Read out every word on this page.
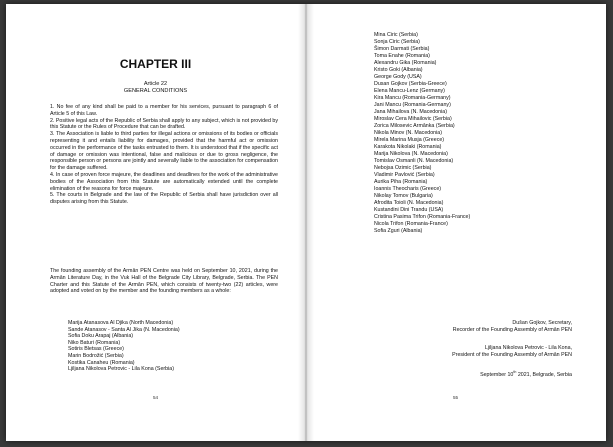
CHAPTER III
Article 22
GENERAL CONDITIONS

1. No fee of any kind shall be paid to a member for his services, pursuant to paragraph 6 of Article 5 of this Law.

2. Positive legal acts of the Republic of Serbia shall apply to any subject, which is not provided by this Statute or the Rules of Procedure that can be drafted.

3. The Association is liable to third parties for illegal actions or omissions of its bodies or officials representing it and entails liability for damages, provided that the harmful act or omission occurred in the performance of the tasks entrusted to them. It is understood that if the specific act of damage or omission was intentional, false and malicious or due to gross negligence, the responsible person or persons are jointly and severally liable to the association for compensation for the damage suffered.

4. In case of proven force majeure, the deadlines and deadlines for the work of the administrative bodies of the Association from this Statute are automatically extended until the complete elimination of the reasons for force majeure.

5. The courts in Belgrade and the law of the Republic of Serbia shall have jurisdiction over all disputes arising from this Statute.

The founding assembly of the Armân PEN Centre was held on September 10, 2021, during the Armân Literature Day, in the Vuk Hall of the Belgrade City Library, Belgrade, Serbia. The PEN Charter and this Statute of the Armân PEN, which consists of twenty-two (22) articles, were adopted and voted on by the member and the founding members as a whole:
Marija Atanasova Al Djika (North Macedonia)
Sande Atanasov - Santa Al Jika (N. Macedonia)
Sofia Doku Arapaj (Albania)
Niko Baturi (Romania)
Sotiris Bletsas (Greece)
Marin Bodrožić (Serbia)
Kostika Canaheu (Romania)
Ljiljana Nikolova Petrovic - Lila Kona (Serbia)
54
Mina Ciric (Serbia)
Sonja Ciric (Serbia)
Šimon Darmati (Serbia)
Toma Enahe (Romania)
Alexandru Gika (Romania)
Kristo Goki (Albania)
George Gody (USA)
Dusan Gojkov (Serbia-Greece)
Elena Mancu-Lenz (Germany)
Kira Mancu (Romania-Germany)
Jani Mancu (Romania-Germany)
Jana Mihailova (N. Macedonia)
Miroslav Cera Mihailovic (Serbia)
Zorica Milosevic Armânka (Serbia)
Nikola Minov (N. Macedonia)
Mirela Marina Musja (Greece)
Karakota Nikolaki (Romania)
Marija Nikolova (N. Macedonia)
Tomislav Osmanli (N. Macedonia)
Nebojsa Ozimic (Serbia)
Vladimir Pavlović (Serbia)
Aurika Piha (Romania)
Ioannis Theocharis (Greece)
Nikolay Tomov (Bulgaria)
Afrodita Toioli (N. Macedonia)
Kustandini Dini Trandu (USA)
Cristina Pasima Trifon (Romania-France)
Nicola Trifon (Romania-France)
Sofia Zguri (Albania)
Dušan Gojkov, Secretary,
Recorder of the Founding Assembly of Armân PEN
Ljiljana Nikolova Petrovic - Lila Kona,
President of the Founding Assembly of Armân PEN
September 10th 2021, Belgrade, Serbia
55
